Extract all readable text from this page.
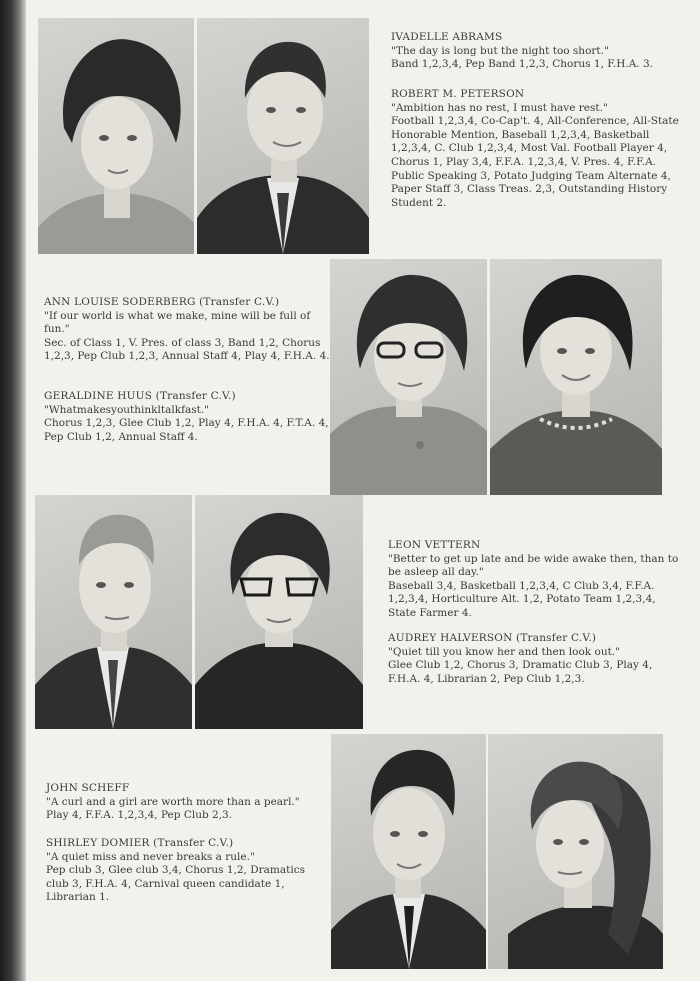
IVADELLE ABRAMS
"The day is long but the night too short."
Band 1,2,3,4, Pep Band 1,2,3, Chorus 1, F.H.A. 3.
ROBERT M. PETERSON
"Ambition has no rest, I must have rest."
Football 1,2,3,4, Co-Cap't. 4, All-Conference, All-State Honorable Mention, Baseball 1,2,3,4, Basketball 1,2,3,4, C. Club 1,2,3,4, Most Val. Football Player 4, Chorus 1, Play 3,4, F.F.A. 1,2,3,4, V. Pres. 4, F.F.A. Public Speaking 3, Potato Judging Team Alternate 4, Paper Staff 3, Class Treas. 2,3, Outstanding History Student 2.
ANN LOUISE SODERBERG (Transfer C.V.)
"If our world is what we make, mine will be full of fun."
Sec. of Class 1, V. Pres. of class 3, Band 1,2, Chorus 1,2,3, Pep Club 1,2,3, Annual Staff 4, Play 4, F.H.A. 4.
GERALDINE HUUS (Transfer C.V.)
"Whatmakesyouthinkltalkfast."
Chorus 1,2,3, Glee Club 1,2, Play 4, F.H.A. 4, F.T.A. 4, Pep Club 1,2, Annual Staff 4.
LEON VETTERN
"Better to get up late and be wide awake then, than to be asleep all day."
Baseball 3,4, Basketball 1,2,3,4, C Club 3,4, F.F.A. 1,2,3,4, Horticulture Alt. 1,2, Potato Team 1,2,3,4, State Farmer 4.
AUDREY HALVERSON (Transfer C.V.)
"Quiet till you know her and then look out."
Glee Club 1,2, Chorus 3, Dramatic Club 3, Play 4, F.H.A. 4, Librarian 2, Pep Club 1,2,3.
JOHN SCHEFF
"A curl and a girl are worth more than a pearl."
Play 4, F.F.A. 1,2,3,4, Pep Club 2,3.
SHIRLEY DOMIER (Transfer C.V.)
"A quiet miss and never breaks a rule."
Pep club 3, Glee club 3,4, Chorus 1,2, Dramatics club 3, F.H.A. 4, Carnival queen candidate 1, Librarian 1.
